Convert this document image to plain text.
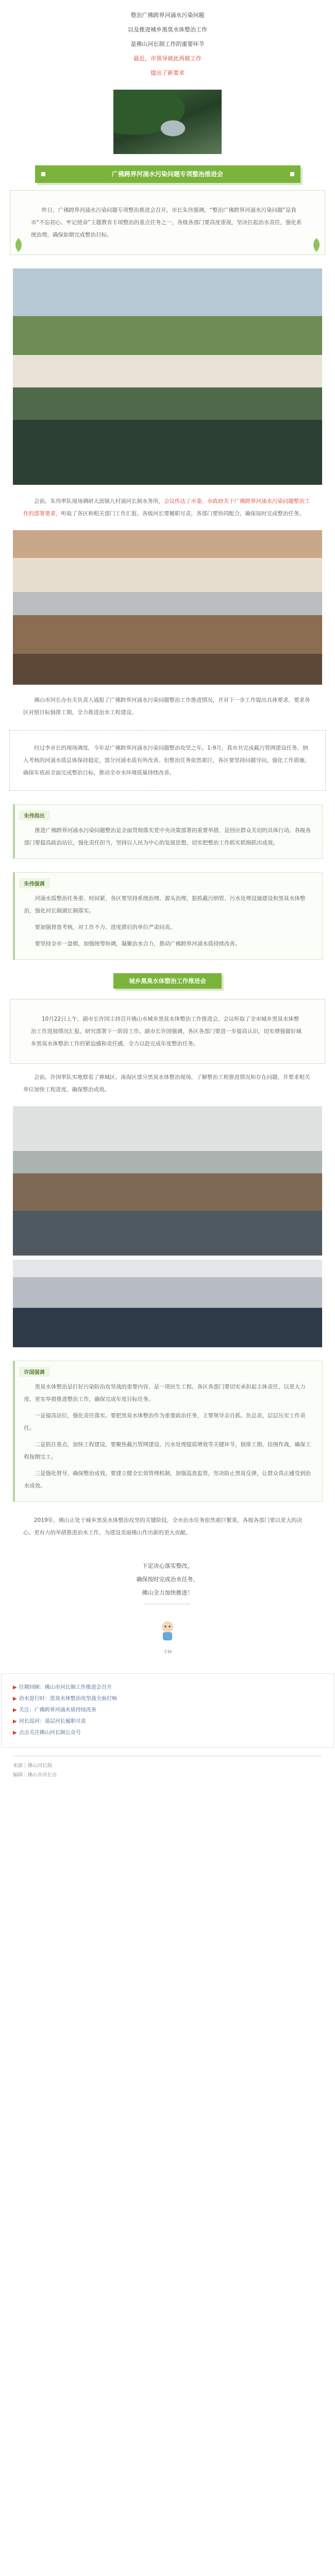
整治广佛跨界河涌水污染问题

以及推进城乡黑臭水体整治工作

是佛山河长制工作的重要环节

最近，市领导就此再做工作

提出了新要求

广佛跨界河涌水污染问题专项整治推进会

昨日，广佛跨界河涌水污染问题专项整治推进会召开。市长朱伟强调，“整治广佛跨界河涌水污染问题”是我市“不忘初心、牢记使命”主题教育专项整治的重点任务之一，各级各部门要高度重视，坚决扛起治水责任，强化系统治理，确保如期完成整治目标。

会前，朱伟率队现场调研大沥镇九村涌河长制水务所，会议传达了市委、市政府关于广佛跨界河涌水污染问题整治工作的部署要求，听取了各区和相关部门工作汇报。各级河长要履职尽责，各部门要协同配合，确保按时完成整治任务。

佛山市河长办有关负责人通报了广佛跨界河涌水污染问题整治工作推进情况，并对下一步工作提出具体要求，要求各区对照目标倒排工期，全力推进治水工程建设。

经过李市长的现场调度，今年是广佛跨界河涌水污染问题整治攻坚之年。1-9月，我市共完成截污管网建设任务，纳入考核的河涌水质总体保持稳定，部分河涌水质有所改善。但整治任务依然艰巨，各区要坚持问题导向，强化工作措施，确保年底前全面完成整治目标，推动全市水环境质量持续改善。
朱伟指出

推进广佛跨界河涌水污染问题整治是全面贯彻落实党中央决策部署的重要举措，是回应群众关切的具体行动。各级各部门要提高政治站位，强化责任担当，坚持以人民为中心的发展思想，切实把整治工作抓实抓细抓出成效。

朱伟强调

河涌水质整治任务重、时间紧，各区要坚持系统治理、源头治理，狠抓截污纳管、污水处理设施建设和黑臭水体整治，强化河长制湖长制落实。

要加强督查考核，对工作不力、进度滞后的单位严肃问责。

要坚持全市一盘棋，加强统筹协调，凝聚治水合力，推动广佛跨界河涌水质持续改善。

城乡黑臭水体整治工作推进会

10月22日上午，副市长许国主持召开佛山市城乡黑臭水体整治工作推进会，会议听取了全市城乡黑臭水体整治工作进展情况汇报，研究部署下一阶段工作。副市长许国强调，各区各部门要进一步提高认识，切实增强做好城乡黑臭水体整治工作的紧迫感和责任感，全力以赴完成年度整治任务。

会前，许国率队实地察看了禅城区、南海区部分黑臭水体整治现场，了解整治工程推进情况和存在问题，并要求相关单位加快工程进度，确保整治成效。

许国强调

黑臭水体整治是打好污染防治攻坚战的重要内容，是一项民生工程。各区各部门要切实承担起主体责任，以更大力度、更实举措推进整治工作，确保完成年度目标任务。

一是提高站位，强化责任落实。要把黑臭水体整治作为重要政治任务，主要领导亲自抓、负总责，层层压实工作责任。

二是抓住重点，加快工程建设。要聚焦截污管网建设、污水处理提质增效等关键环节，倒排工期，挂图作战，确保工程按期完工。

三是强化督导，确保整治成效。要建立健全长效管理机制，加强巡查监管，坚决防止黑臭反弹，让群众真正感受到治水成效。

2019年，佛山正处于城乡黑臭水体整治攻坚的关键阶段，全市治水任务依然艰巨繁重，各级各部门要以更大的决心、更有力的举措推进治水工作，为建设美丽佛山作出新的更大贡献。

下定决心落实整改，

确保按时完成治水任务，

佛山全力加快推进！

小H

▶ 往期回顾：佛山市河长制工作推进会召开
▶ 治水进行时：黑臭水体整治攻坚战全面打响
▶ 关注：广佛跨界河涌水质持续改善
▶ 河长巡河：基层河长履职尽责
▶ 点击关注佛山河长制公众号
来源｜佛山河长制
编辑｜佛山市河长办
